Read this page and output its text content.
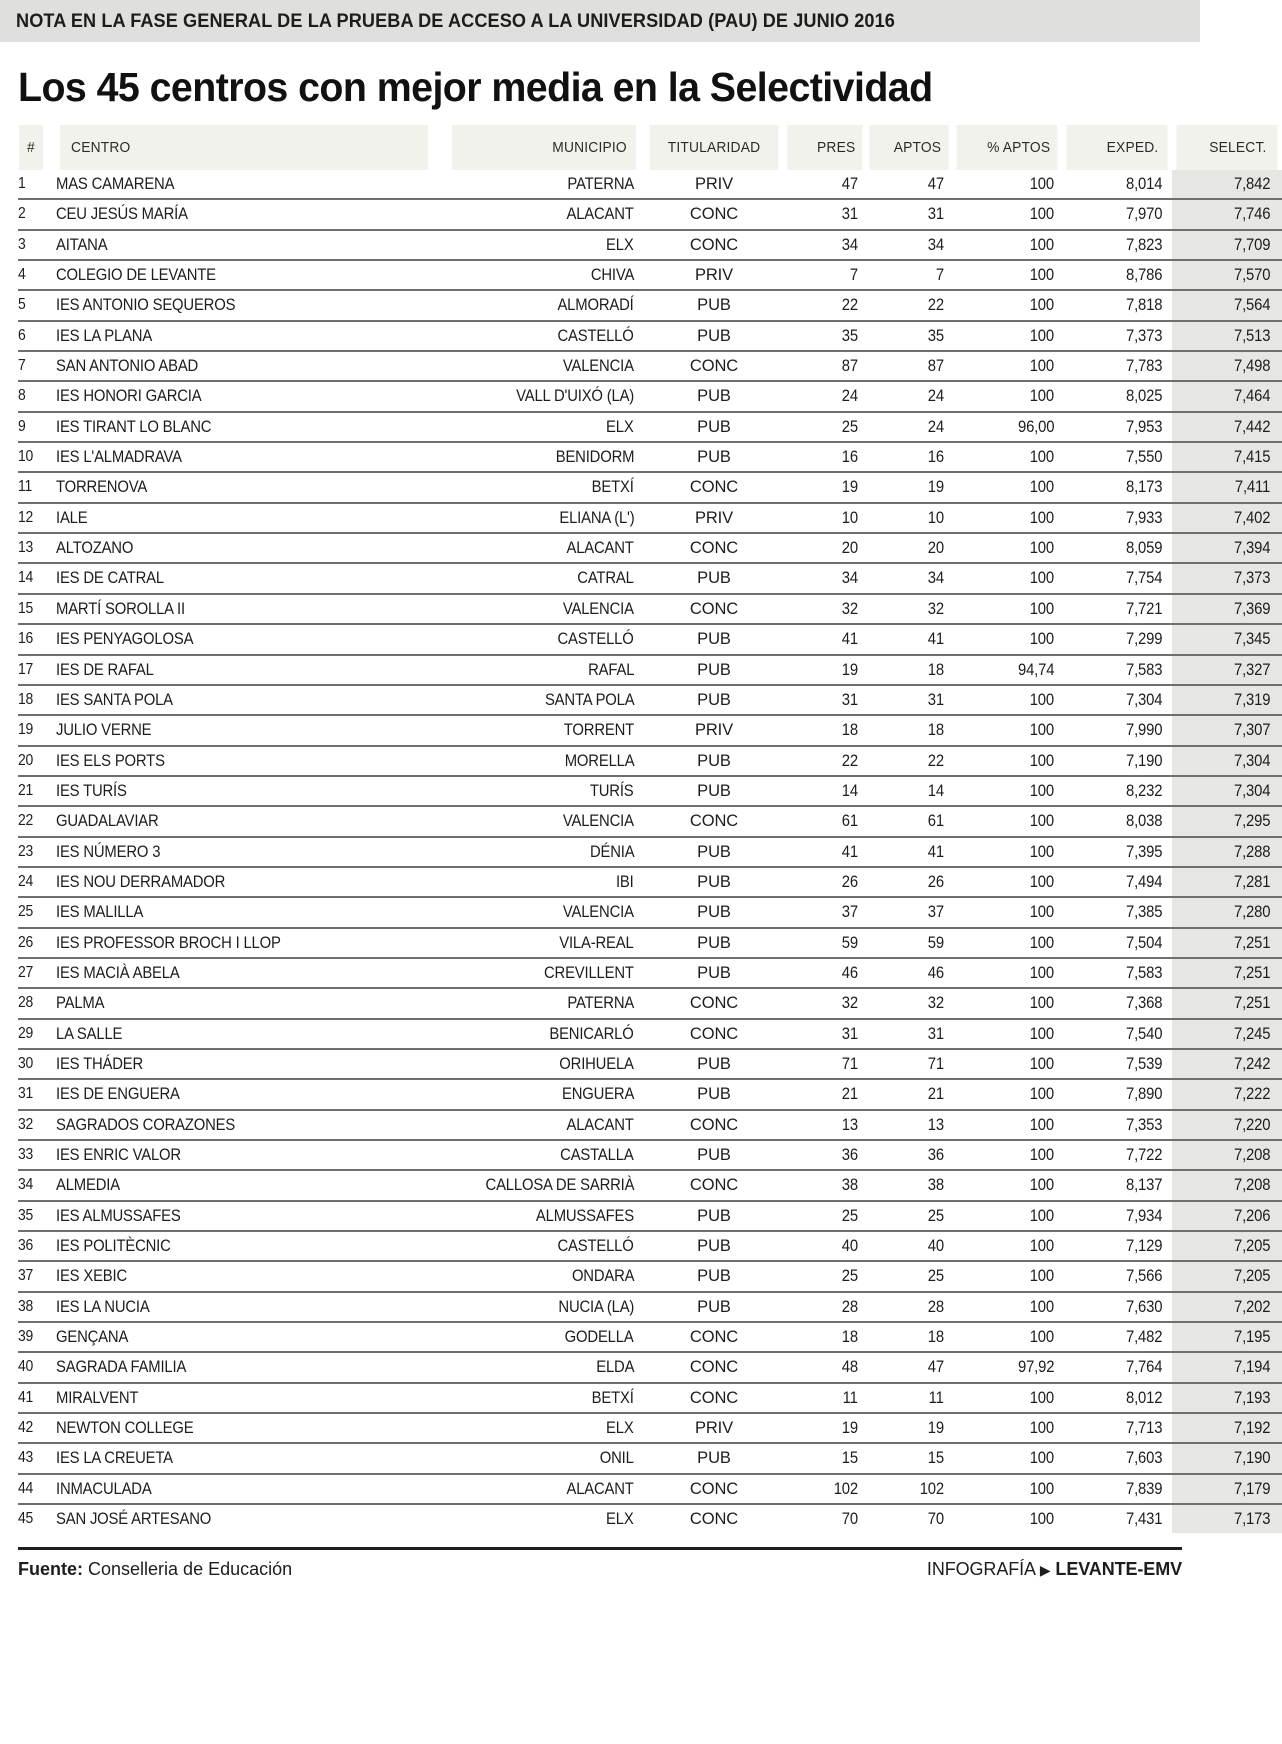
NOTA EN LA FASE GENERAL DE LA PRUEBA DE ACCESO A LA UNIVERSIDAD (PAU) DE JUNIO 2016
Los 45 centros con mejor media en la Selectividad
#	CENTRO	MUNICIPIO	TITULARIDAD	PRES	APTOS	% APTOS	EXPED.	SELECT.
1	MAS CAMARENA	PATERNA	PRIV	47	47	100	8,014	7,842
2	CEU JESÚS MARÍA	ALACANT	CONC	31	31	100	7,970	7,746
3	AITANA	ELX	CONC	34	34	100	7,823	7,709
4	COLEGIO DE LEVANTE	CHIVA	PRIV	7	7	100	8,786	7,570
5	IES ANTONIO SEQUEROS	ALMORADÍ	PUB	22	22	100	7,818	7,564
6	IES LA PLANA	CASTELLÓ	PUB	35	35	100	7,373	7,513
7	SAN ANTONIO ABAD	VALENCIA	CONC	87	87	100	7,783	7,498
8	IES HONORI GARCIA	VALL D'UIXÓ (LA)	PUB	24	24	100	8,025	7,464
9	IES TIRANT LO BLANC	ELX	PUB	25	24	96,00	7,953	7,442
10	IES L'ALMADRAVA	BENIDORM	PUB	16	16	100	7,550	7,415
11	TORRENOVA	BETXÍ	CONC	19	19	100	8,173	7,411
12	IALE	ELIANA (L')	PRIV	10	10	100	7,933	7,402
13	ALTOZANO	ALACANT	CONC	20	20	100	8,059	7,394
14	IES DE CATRAL	CATRAL	PUB	34	34	100	7,754	7,373
15	MARTÍ SOROLLA II	VALENCIA	CONC	32	32	100	7,721	7,369
16	IES PENYAGOLOSA	CASTELLÓ	PUB	41	41	100	7,299	7,345
17	IES DE RAFAL	RAFAL	PUB	19	18	94,74	7,583	7,327
18	IES SANTA POLA	SANTA POLA	PUB	31	31	100	7,304	7,319
19	JULIO VERNE	TORRENT	PRIV	18	18	100	7,990	7,307
20	IES ELS PORTS	MORELLA	PUB	22	22	100	7,190	7,304
21	IES TURÍS	TURÍS	PUB	14	14	100	8,232	7,304
22	GUADALAVIAR	VALENCIA	CONC	61	61	100	8,038	7,295
23	IES NÚMERO 3	DÉNIA	PUB	41	41	100	7,395	7,288
24	IES NOU DERRAMADOR	IBI	PUB	26	26	100	7,494	7,281
25	IES MALILLA	VALENCIA	PUB	37	37	100	7,385	7,280
26	IES PROFESSOR BROCH I LLOP	VILA-REAL	PUB	59	59	100	7,504	7,251
27	IES MACIÀ ABELA	CREVILLENT	PUB	46	46	100	7,583	7,251
28	PALMA	PATERNA	CONC	32	32	100	7,368	7,251
29	LA SALLE	BENICARLÓ	CONC	31	31	100	7,540	7,245
30	IES THÁDER	ORIHUELA	PUB	71	71	100	7,539	7,242
31	IES DE ENGUERA	ENGUERA	PUB	21	21	100	7,890	7,222
32	SAGRADOS CORAZONES	ALACANT	CONC	13	13	100	7,353	7,220
33	IES ENRIC VALOR	CASTALLA	PUB	36	36	100	7,722	7,208
34	ALMEDIA	CALLOSA DE SARRIÀ	CONC	38	38	100	8,137	7,208
35	IES ALMUSSAFES	ALMUSSAFES	PUB	25	25	100	7,934	7,206
36	IES POLITÈCNIC	CASTELLÓ	PUB	40	40	100	7,129	7,205
37	IES XEBIC	ONDARA	PUB	25	25	100	7,566	7,205
38	IES LA NUCIA	NUCIA (LA)	PUB	28	28	100	7,630	7,202
39	GENÇANA	GODELLA	CONC	18	18	100	7,482	7,195
40	SAGRADA FAMILIA	ELDA	CONC	48	47	97,92	7,764	7,194
41	MIRALVENT	BETXÍ	CONC	11	11	100	8,012	7,193
42	NEWTON COLLEGE	ELX	PRIV	19	19	100	7,713	7,192
43	IES LA CREUETA	ONIL	PUB	15	15	100	7,603	7,190
44	INMACULADA	ALACANT	CONC	102	102	100	7,839	7,179
45	SAN JOSÉ ARTESANO	ELX	CONC	70	70	100	7,431	7,173
Fuente: Conselleria de Educación	INFOGRAFÍA ▶ LEVANTE-EMV
